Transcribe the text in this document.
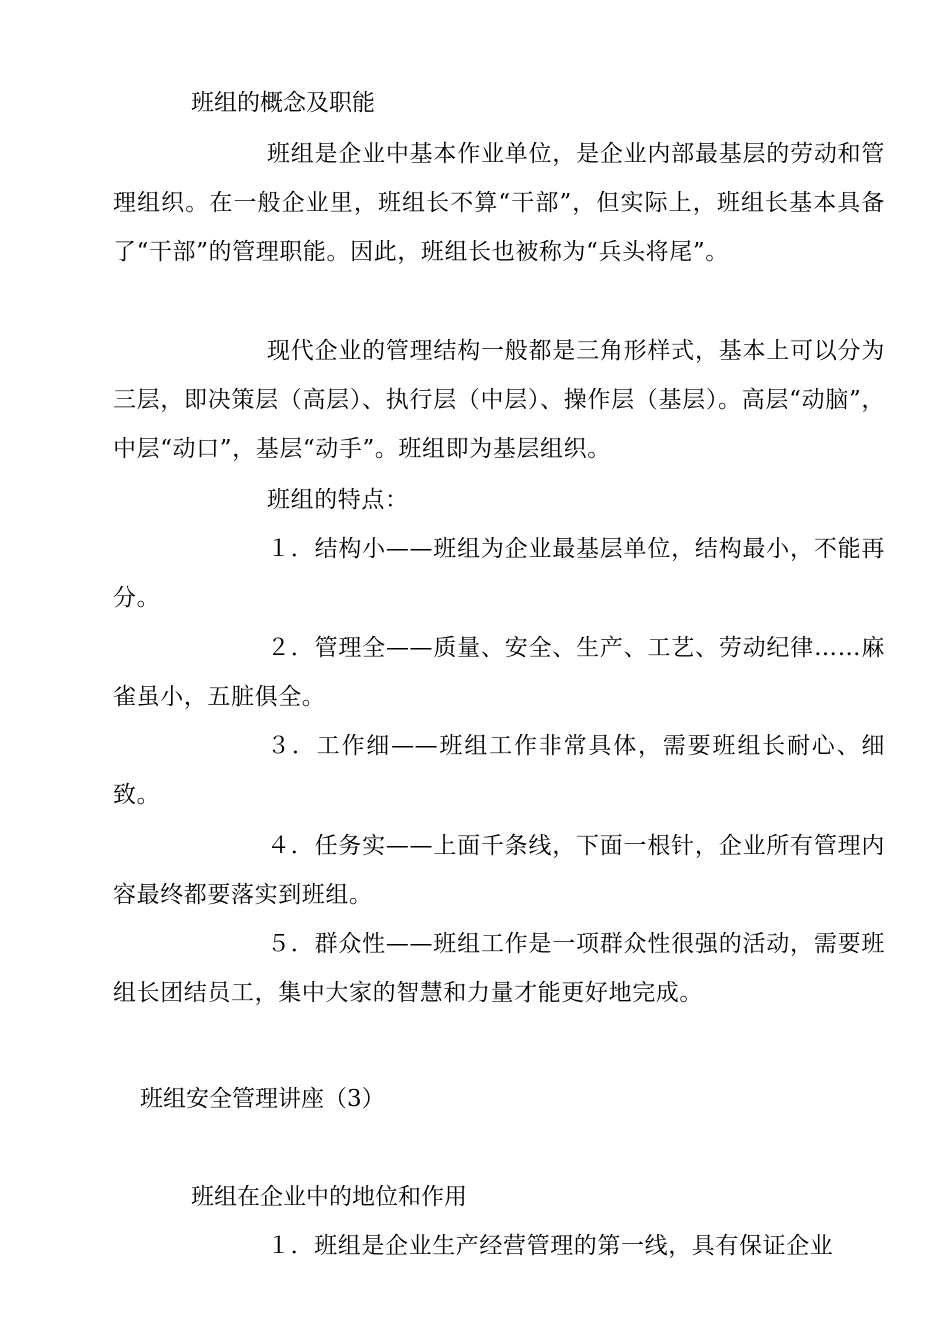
班组的概念及职能

班组是企业中基本作业单位，是企业内部最基层的劳动和管理组织。在一般企业里，班组长不算“干部”，但实际上，班组长基本具备了“干部”的管理职能。因此，班组长也被称为“兵头将尾”。

现代企业的管理结构一般都是三角形样式，基本上可以分为三层，即决策层（高层）、执行层（中层）、操作层（基层）。高层“动脑”，中层“动口”，基层“动手”。班组即为基层组织。

班组的特点：

１．结构小——班组为企业最基层单位，结构最小，不能再分。

２．管理全——质量、安全、生产、工艺、劳动纪律……麻雀虽小，五脏俱全。

３．工作细——班组工作非常具体，需要班组长耐心、细致。

４．任务实——上面千条线，下面一根针，企业所有管理内容最终都要落实到班组。

５．群众性——班组工作是一项群众性很强的活动，需要班组长团结员工，集中大家的智慧和力量才能更好地完成。

班组安全管理讲座（3）

班组在企业中的地位和作用

１．班组是企业生产经营管理的第一线，具有保证企业
